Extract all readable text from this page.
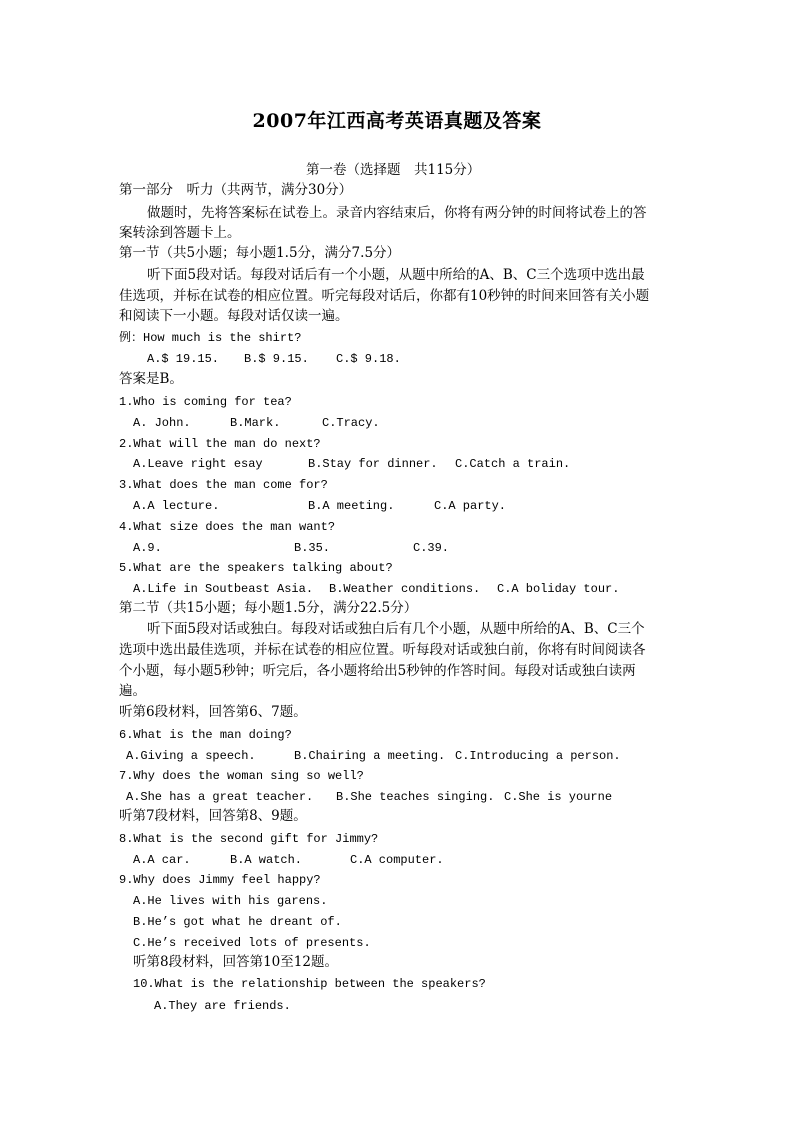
2007年江西高考英语真题及答案
第一卷（选择题　共115分）
第一部分　听力（共两节，满分30分）
做题时，先将答案标在试卷上。录音内容结束后，你将有两分钟的时间将试卷上的答
案转涂到答题卡上。
第一节（共5小题；每小题1.5分，满分7.5分）
听下面5段对话。每段对话后有一个小题，从题中所给的A、B、C三个选项中选出最
佳选项，并标在试卷的相应位置。听完每段对话后，你都有10秒钟的时间来回答有关小题
和阅读下一小题。每段对话仅读一遍。
例：How much is the shirt?
A.$ 19.15. B.$ 9.15. C.$ 9.18.
答案是B。
1.Who is coming for tea?
A. John.	B.Mark.	C.Tracy.
2.What will the man do next?
A.Leave right esay	B.Stay for dinner. C.Catch a train.
3.What does the man come for?
A.A lecture.	B.A meeting.	C.A party.
4.What size does the man want?
A.9.	B.35.	C.39.
5.What are the speakers talking about?
A.Life in Soutbeast Asia. B.Weather conditions. C.A boliday tour.
第二节（共15小题；每小题1.5分，满分22.5分）
听下面5段对话或独白。每段对话或独白后有几个小题，从题中所给的A、B、C三个
选项中选出最佳选项，并标在试卷的相应位置。听每段对话或独白前，你将有时间阅读各
个小题，每小题5秒钟；听完后，各小题将给出5秒钟的作答时间。每段对话或独白读两
遍。
听第6段材料，回答第6、7题。
6.What is the man doing?
A.Giving a speech.	B.Chairing a meeting. C.Introducing a person.
7.Why does the woman sing so well?
A.She has a great teacher. B.She teaches singing. C.She is yourne
听第7段材料，回答第8、9题。
8.What is the second gift for Jimmy?
A.A car.	B.A watch.	C.A computer.
9.Why does Jimmy feel happy?
A.He lives with his garens.
B.He’s got what he dreant of.
C.He’s received lots of presents.
听第8段材料，回答第10至12题。
10.What is the relationship between the speakers?
A.They are friends.
